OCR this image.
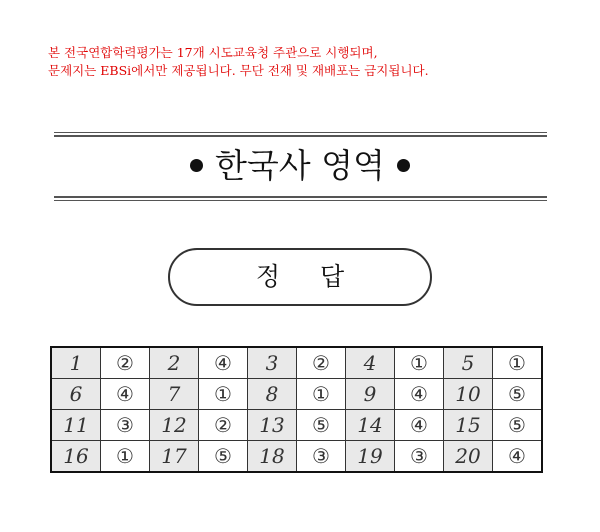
본 전국연합학력평가는 17개 시도교육청 주관으로 시행되며,
문제지는 EBSi에서만 제공됩니다. 무단 전재 및 재배포는 금지됩니다.
한국사 영역
정 답
1	②	2	④	3	②	4	①	5	①
6	④	7	①	8	①	9	④	10	⑤
11	③	12	②	13	⑤	14	④	15	⑤
16	①	17	⑤	18	③	19	③	20	④
